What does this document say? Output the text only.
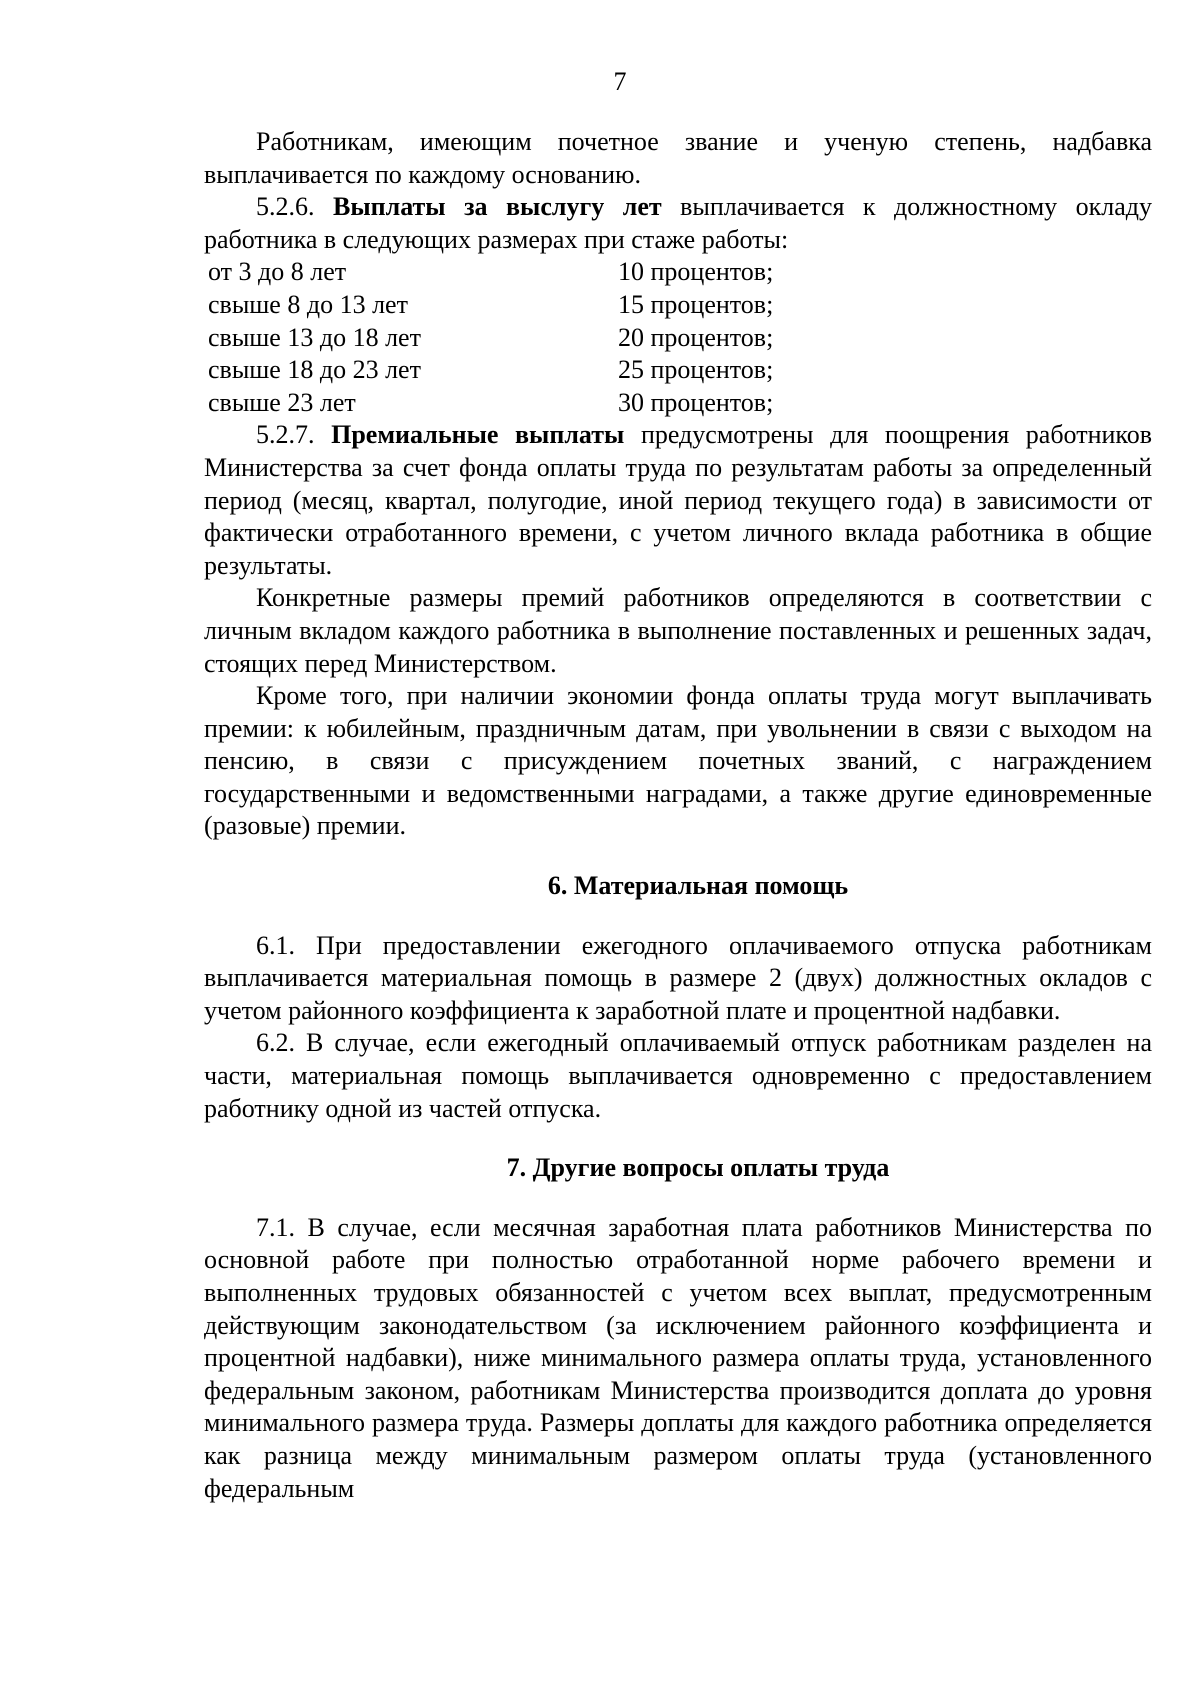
7

Работникам, имеющим почетное звание и ученую степень, надбавка выплачивается по каждому основанию.

5.2.6. Выплаты за выслугу лет выплачивается к должностному окладу работника в следующих размерах при стаже работы:

от 3 до 8 лет	10 процентов;
свыше 8 до 13 лет	15 процентов;
свыше 13 до 18 лет	20 процентов;
свыше 18 до 23 лет	25 процентов;
свыше 23 лет	30 процентов;

5.2.7. Премиальные выплаты предусмотрены для поощрения работников Министерства за счет фонда оплаты труда по результатам работы за определенный период (месяц, квартал, полугодие, иной период текущего года) в зависимости от фактически отработанного времени, с учетом личного вклада работника в общие результаты.

Конкретные размеры премий работников определяются в соответствии с личным вкладом каждого работника в выполнение поставленных и решенных задач, стоящих перед Министерством.

Кроме того, при наличии экономии фонда оплаты труда могут выплачивать премии: к юбилейным, праздничным датам, при увольнении в связи с выходом на пенсию, в связи с присуждением почетных званий, с награждением государственными и ведомственными наградами, а также другие единовременные (разовые) премии.

6. Материальная помощь

6.1. При предоставлении ежегодного оплачиваемого отпуска работникам выплачивается материальная помощь в размере 2 (двух) должностных окладов с учетом районного коэффициента к заработной плате и процентной надбавки.

6.2. В случае, если ежегодный оплачиваемый отпуск работникам разделен на части, материальная помощь выплачивается одновременно с предоставлением работнику одной из частей отпуска.

7. Другие вопросы оплаты труда

7.1. В случае, если месячная заработная плата работников Министерства по основной работе при полностью отработанной норме рабочего времени и выполненных трудовых обязанностей с учетом всех выплат, предусмотренным действующим законодательством (за исключением районного коэффициента и процентной надбавки), ниже минимального размера оплаты труда, установленного федеральным законом, работникам Министерства производится доплата до уровня минимального размера труда. Размеры доплаты для каждого работника определяется как разница между минимальным размером оплаты труда (установленного федеральным
